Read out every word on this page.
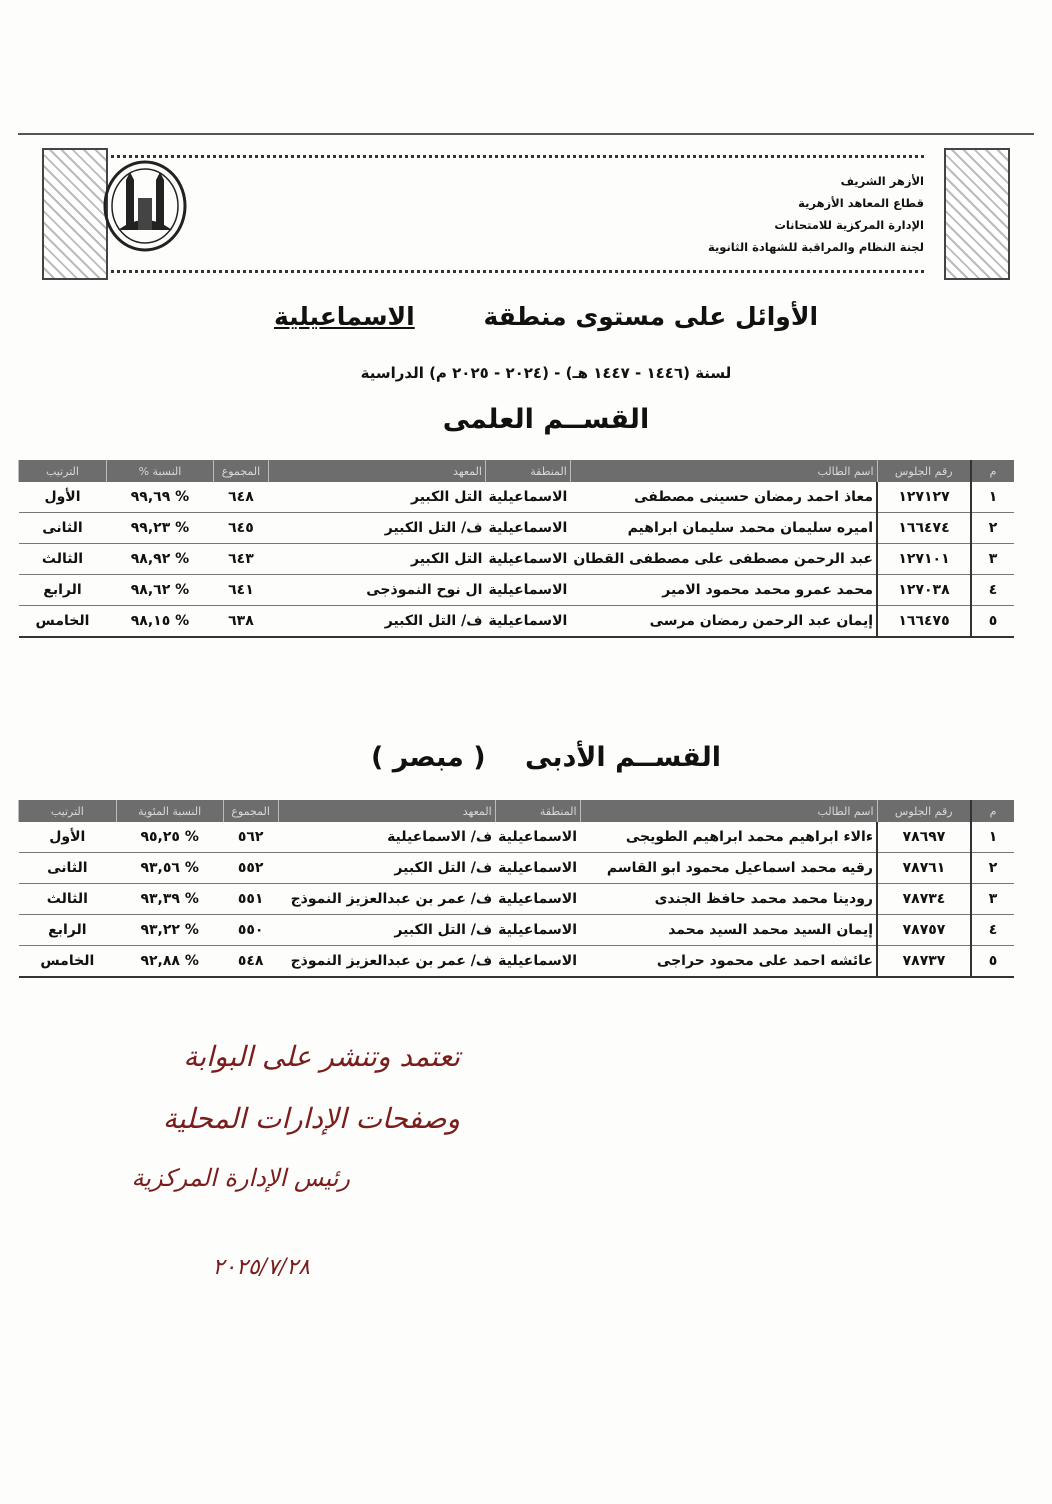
الأزهر الشريف
قطاع المعاهد الأزهرية
الإدارة المركزية للامتحانات
لجنة النظام والمراقبة للشهادة الثانوية
الأوائل على مستوى منطقة الاسماعيلية
لسنة (١٤٤٦ - ١٤٤٧ هـ) - (٢٠٢٤ - ٢٠٢٥ م) الدراسية
القســم العلمى
م	رقم الجلوس	اسم الطالب	المنطقة	المعهد	المجموع	النسبة %	الترتيب
١	١٢٧١٢٧	معاذ احمد رمضان حسينى مصطفى	الاسماعيلية	التل الكبير	٦٤٨	% ٩٩,٦٩	الأول
٢	١٦٦٤٧٤	اميره سليمان محمد سليمان ابراهيم	الاسماعيلية	ف/ التل الكبير	٦٤٥	% ٩٩,٢٣	الثانى
٣	١٢٧١٠١	عبد الرحمن مصطفى على مصطفى القطان	الاسماعيلية	التل الكبير	٦٤٣	% ٩٨,٩٢	الثالث
٤	١٢٧٠٣٨	محمد عمرو محمد محمود الامير	الاسماعيلية	ال نوح النموذجى	٦٤١	% ٩٨,٦٢	الرابع
٥	١٦٦٤٧٥	إيمان عبد الرحمن رمضان مرسى	الاسماعيلية	ف/ التل الكبير	٦٣٨	% ٩٨,١٥	الخامس
القســم الأدبى ( مبصر )
م	رقم الجلوس	اسم الطالب	المنطقة	المعهد	المجموع	النسبة المئوية	الترتيب
١	٧٨٦٩٧	ءالاء ابراهيم محمد ابراهيم الطويجى	الاسماعيلية	ف/ الاسماعيلية	٥٦٢	% ٩٥,٢٥	الأول
٢	٧٨٧٦١	رقيه محمد اسماعيل محمود ابو القاسم	الاسماعيلية	ف/ التل الكبير	٥٥٢	% ٩٣,٥٦	الثانى
٣	٧٨٧٣٤	رودينا محمد محمد حافظ الجندى	الاسماعيلية	ف/ عمر بن عبدالعزيز النموذج	٥٥١	% ٩٣,٣٩	الثالث
٤	٧٨٧٥٧	إيمان السيد محمد السيد محمد	الاسماعيلية	ف/ التل الكبير	٥٥٠	% ٩٣,٢٢	الرابع
٥	٧٨٧٣٧	عائشه احمد على محمود حراجى	الاسماعيلية	ف/ عمر بن عبدالعزيز النموذج	٥٤٨	% ٩٢,٨٨	الخامس
تعتمد وتنشر على البوابة
وصفحات الإدارات المحلية
رئيس الإدارة المركزية
٢٠٢٥/٧/٢٨
